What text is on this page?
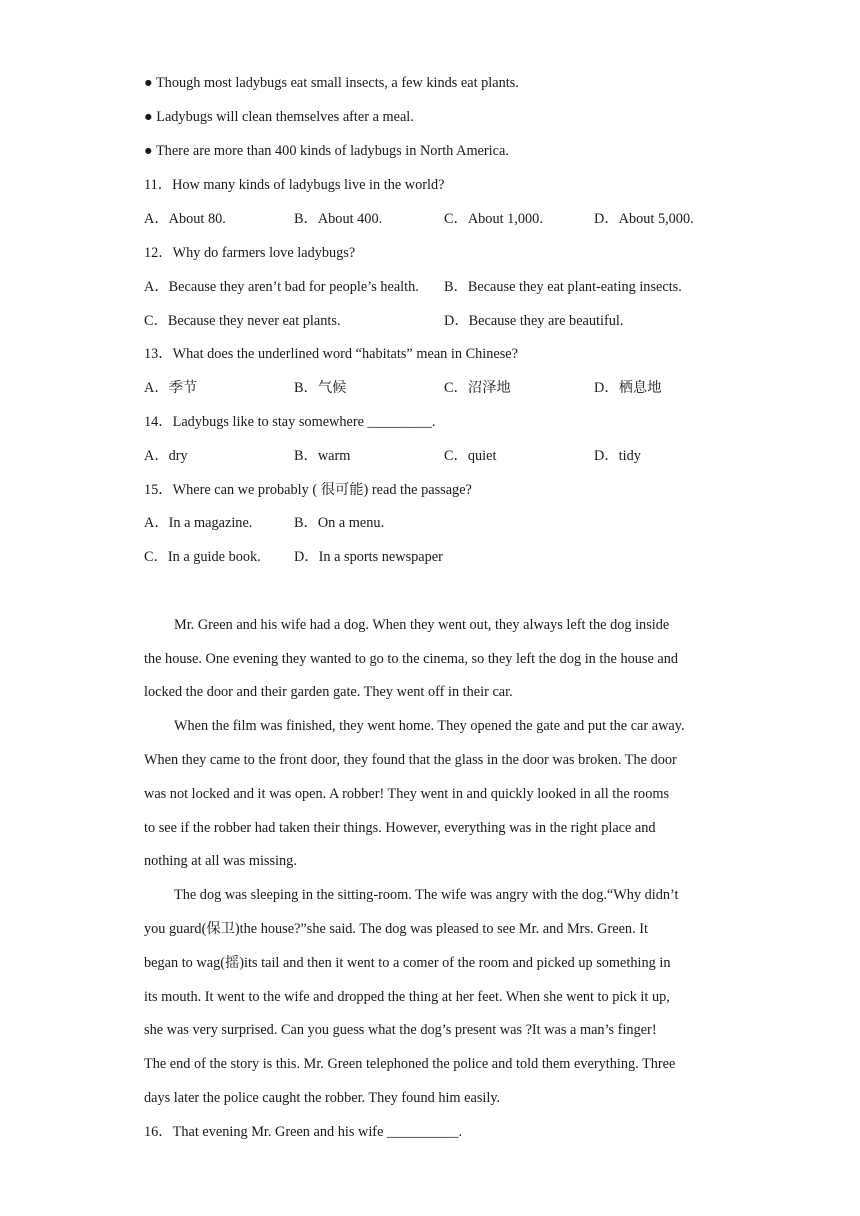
● Though most ladybugs eat small insects, a few kinds eat plants.
● Ladybugs will clean themselves after a meal.
● There are more than 400 kinds of ladybugs in North America.
11．How many kinds of ladybugs live in the world?
A．About 80.	B．About 400.	C．About 1,000.	D．About 5,000.
12．Why do farmers love ladybugs?
A．Because they aren’t bad for people’s health. B．Because they eat plant-eating insects.
C．Because they never eat plants.	D．Because they are beautiful.
13．What does the underlined word “habitats” mean in Chinese?
A．季节	B．气候	C．沼泽地	D．栖息地
14．Ladybugs like to stay somewhere _________.
A．dry	B．warm	C．quiet	D．tidy
15．Where can we probably ( 很可能) read the passage?
A．In a magazine.	B．On a menu.
C．In a guide book. D．In a sports newspaper
Mr. Green and his wife had a dog. When they went out, they always left the dog inside
the house. One evening they wanted to go to the cinema, so they left the dog in the house and
locked the door and their garden gate. They went off in their car.
When the film was finished, they went home. They opened the gate and put the car away.
When they came to the front door, they found that the glass in the door was broken. The door
was not locked and it was open. A robber! They went in and quickly looked in all the rooms
to see if the robber had taken their things. However, everything was in the right place and
nothing at all was missing.
The dog was sleeping in the sitting-room. The wife was angry with the dog.“Why didn’t
you guard(保卫)the house?”she said. The dog was pleased to see Mr. and Mrs. Green. It
began to wag(摇)its tail and then it went to a comer of the room and picked up something in
its mouth. It went to the wife and dropped the thing at her feet. When she went to pick it up,
she was very surprised. Can you guess what the dog’s present was ?It was a man’s finger!
The end of the story is this. Mr. Green telephoned the police and told them everything. Three
days later the police caught the robber. They found him easily.
16．That evening Mr. Green and his wife __________.
